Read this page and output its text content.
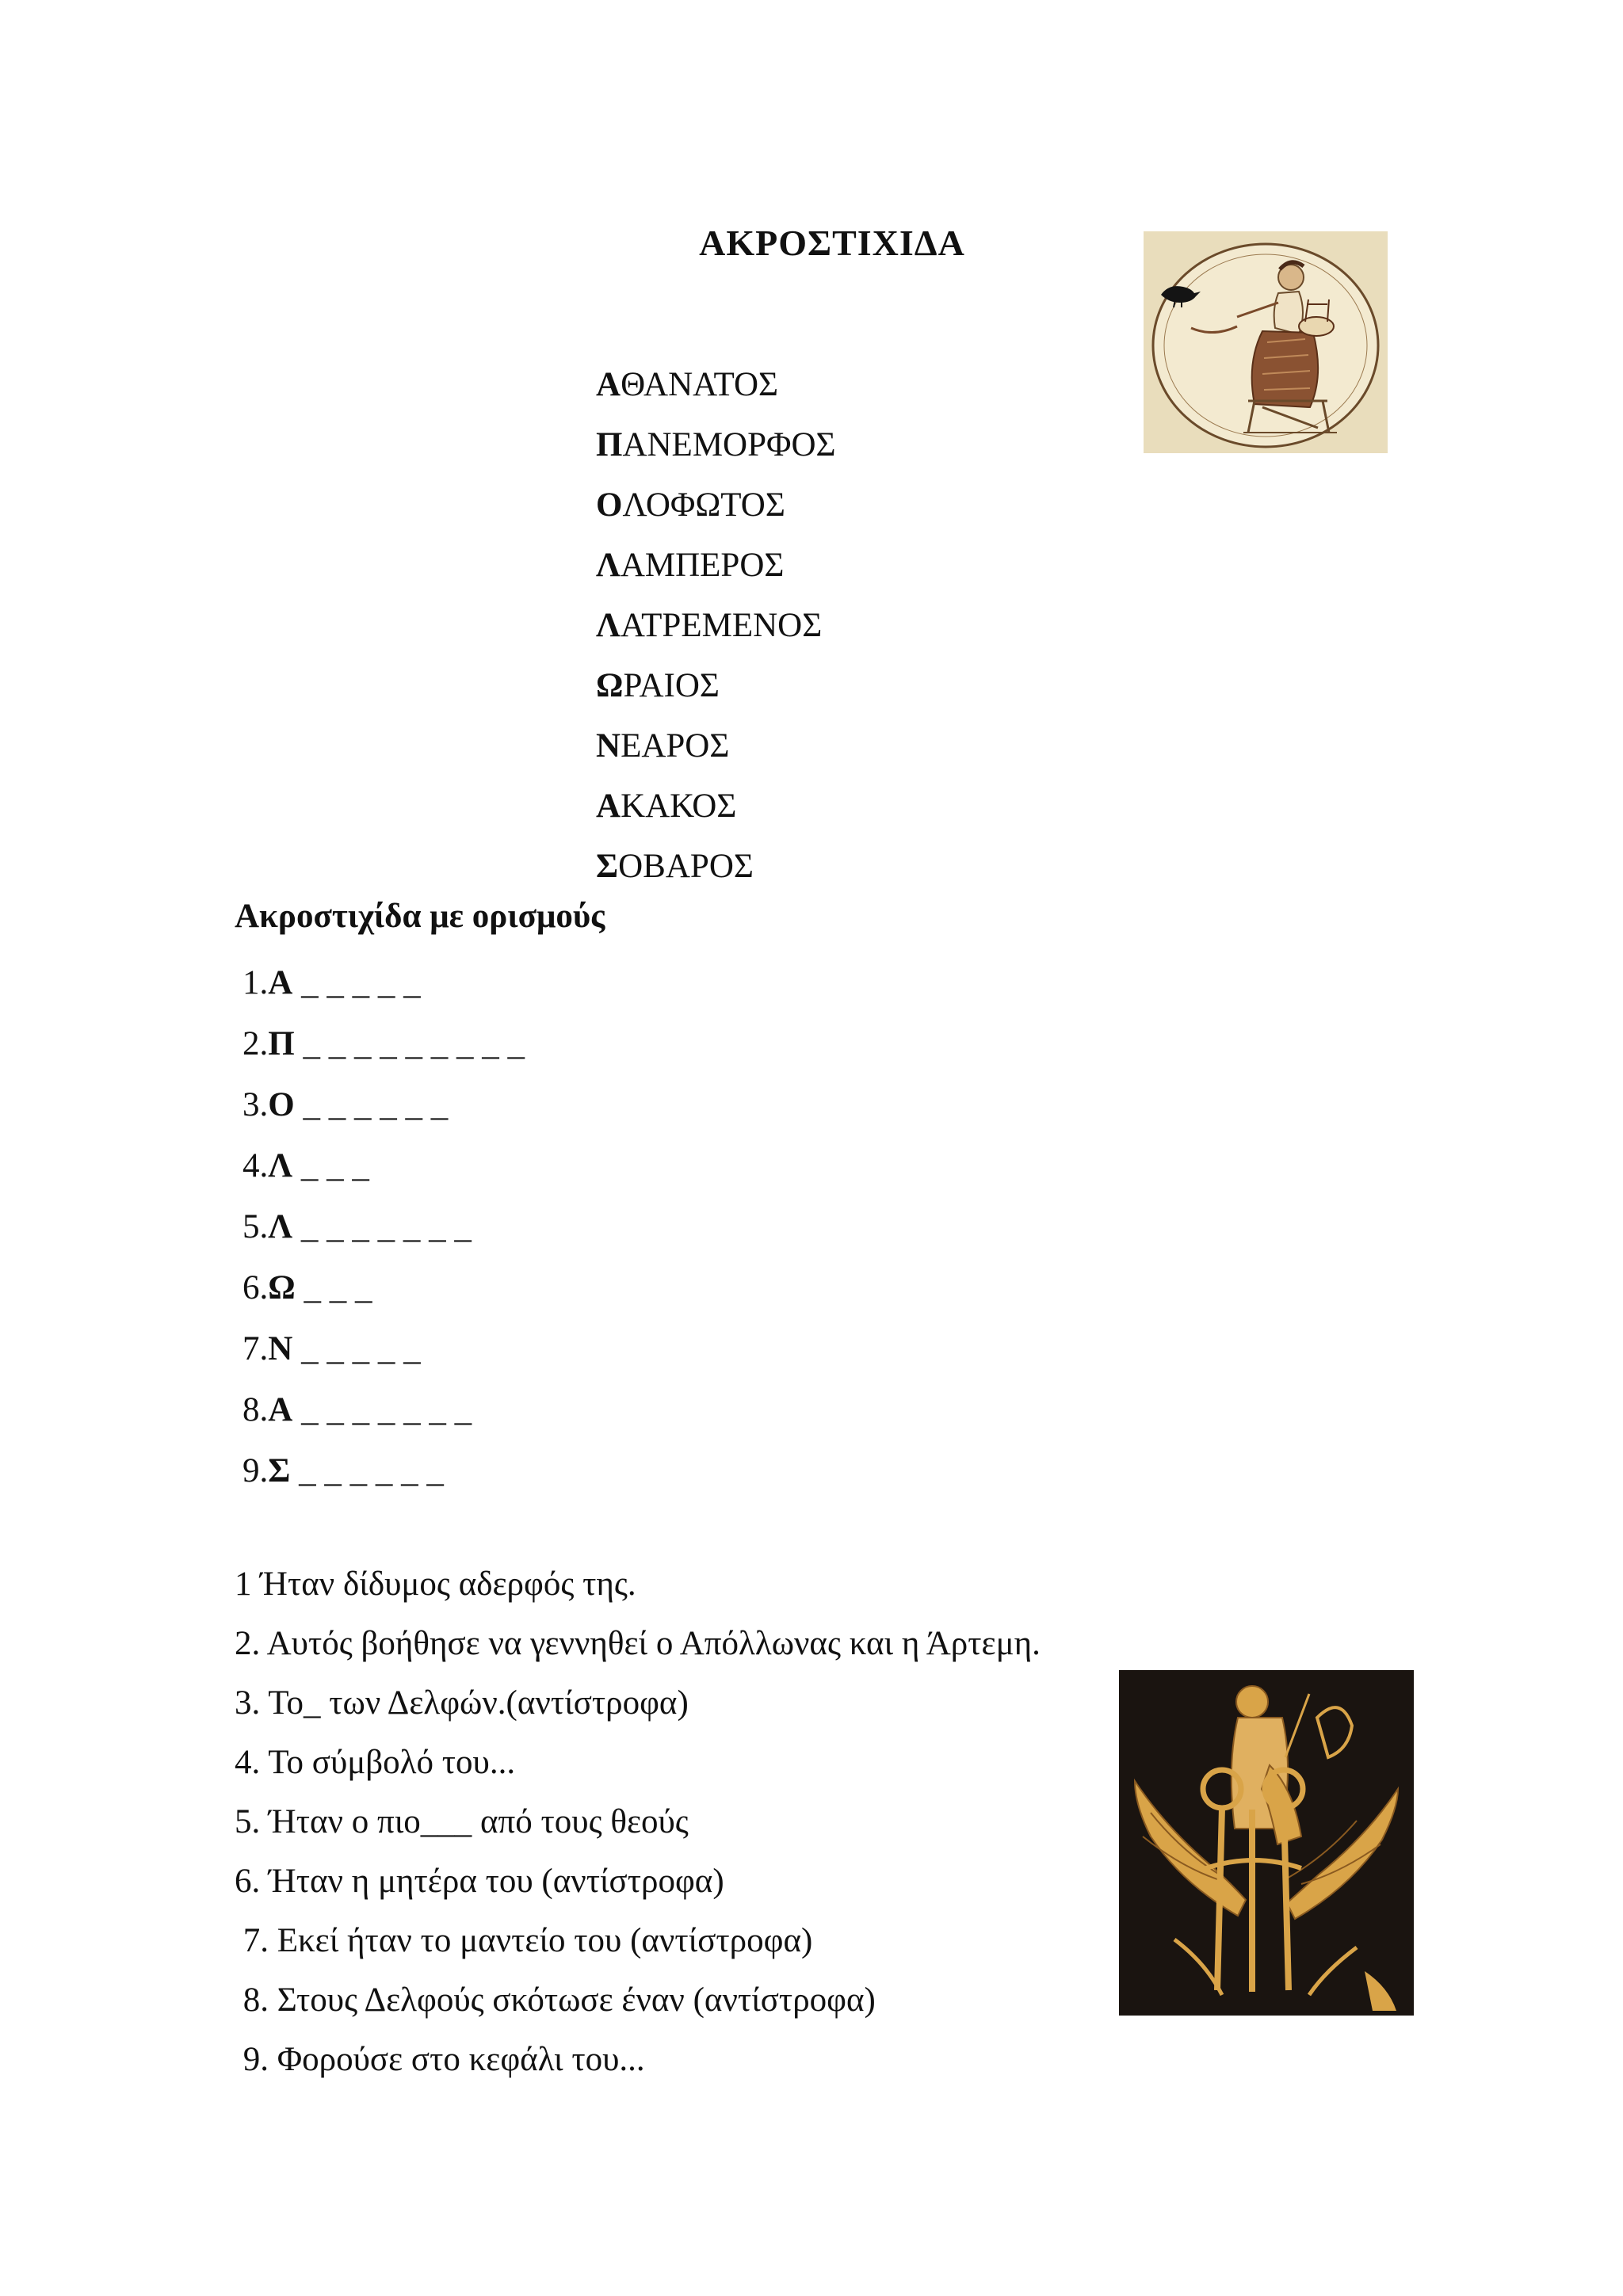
ΑΚΡΟΣΤΙΧΙΔΑ
ΑΘΑΝΑΤΟΣ
ΠΑΝΕΜΟΡΦΟΣ
ΟΛΟΦΩΤΟΣ
ΛΑΜΠΕΡΟΣ
ΛΑΤΡΕΜΕΝΟΣ
ΩΡΑΙΟΣ
ΝΕΑΡΟΣ
ΑΚΑΚΟΣ
ΣΟΒΑΡΟΣ
Ακροστιχίδα με ορισμούς
1.Α _ _ _ _ _
2.Π _ _ _ _ _ _ _ _ _
3.Ο _ _ _ _ _ _
4.Λ _ _ _
5.Λ _ _ _ _ _ _ _
6.Ω _ _ _
7.Ν _ _ _ _ _
8.Α _ _ _ _ _ _ _
9.Σ _ _ _ _ _ _
1 Ήταν δίδυμος αδερφός της.
2. Αυτός βοήθησε να γεννηθεί ο Απόλλωνας και η Άρτεμη.
3. Το_ των Δελφών.(αντίστροφα)
4. Το σύμβολό του...
5. Ήταν ο πιο___ από τους θεούς
6. Ήταν η μητέρα του (αντίστροφα)
7. Εκεί ήταν το μαντείο του (αντίστροφα)
8. Στους Δελφούς σκότωσε έναν (αντίστροφα)
9. Φορούσε στο κεφάλι του...
